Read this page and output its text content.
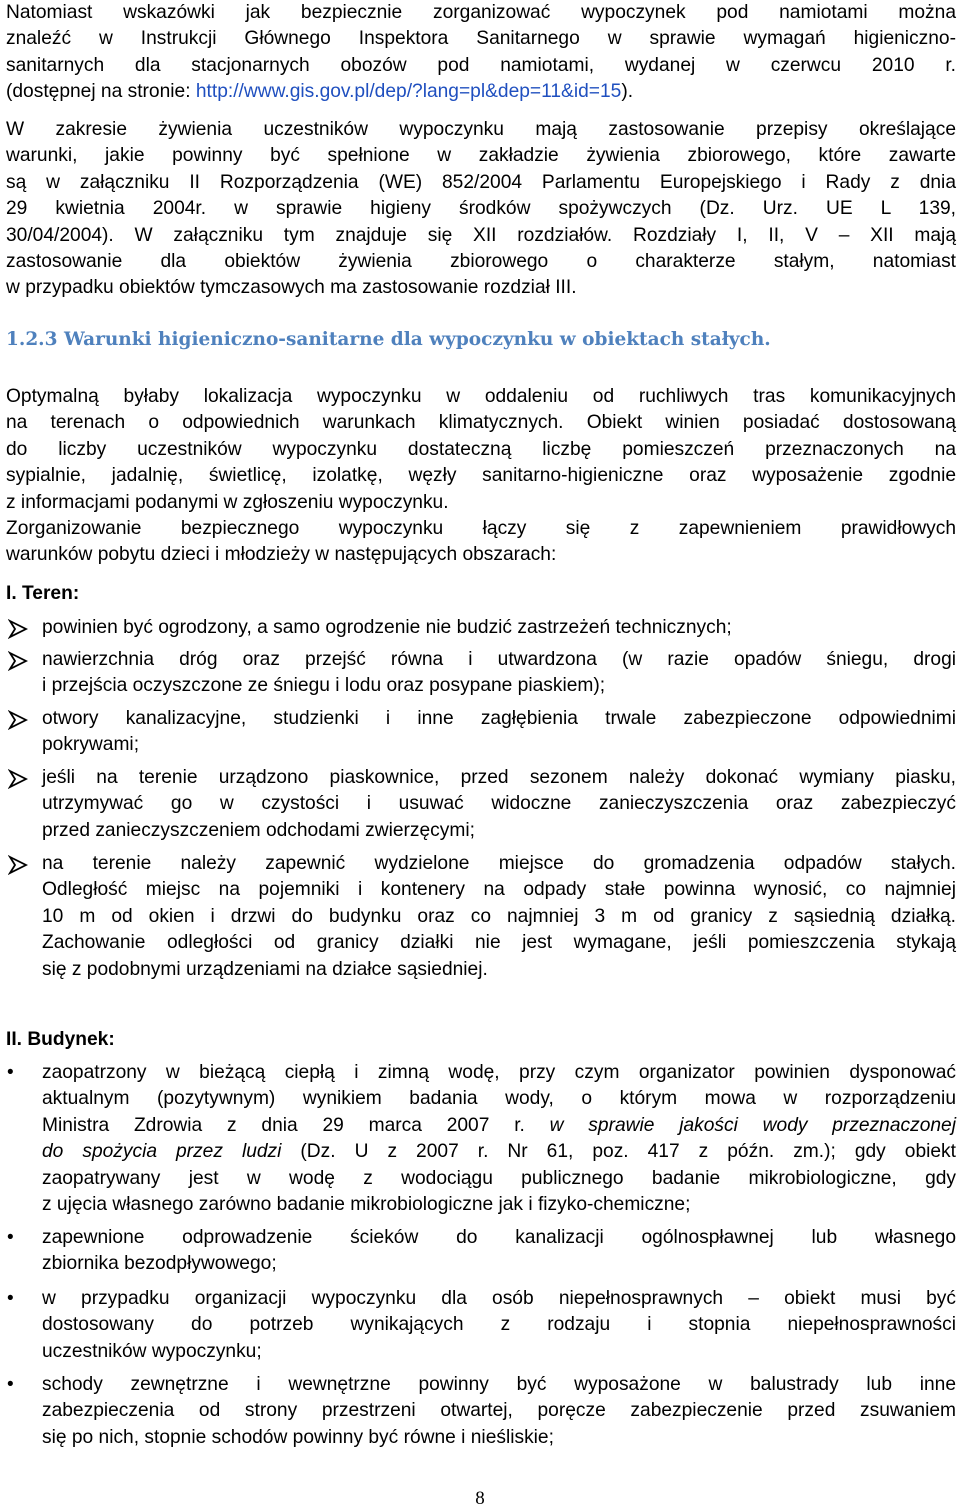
Natomiast wskazówki jak bezpiecznie zorganizować wypoczynek pod namiotami można
znaleźć w Instrukcji Głównego Inspektora Sanitarnego w sprawie wymagań higieniczno-
sanitarnych dla stacjonarnych obozów pod namiotami, wydanej w czerwcu 2010 r.
(dostępnej na stronie: http://www.gis.gov.pl/dep/?lang=pl&dep=11&id=15).
W zakresie żywienia uczestników wypoczynku mają zastosowanie przepisy określające
warunki, jakie powinny być spełnione w zakładzie żywienia zbiorowego, które zawarte
są w załączniku II Rozporządzenia (WE) 852/2004 Parlamentu Europejskiego i Rady z dnia
29 kwietnia 2004r. w sprawie higieny środków spożywczych (Dz. Urz. UE L 139,
30/04/2004). W załączniku tym znajduje się XII rozdziałów. Rozdziały I, II, V – XII mają
zastosowanie dla obiektów żywienia zbiorowego o charakterze stałym, natomiast
w przypadku obiektów tymczasowych ma zastosowanie rozdział III.
1.2.3 Warunki higieniczno-sanitarne dla wypoczynku w obiektach stałych.
Optymalną byłaby lokalizacja wypoczynku w oddaleniu od ruchliwych tras komunikacyjnych
na terenach o odpowiednich warunkach klimatycznych. Obiekt winien posiadać dostosowaną
do liczby uczestników wypoczynku dostateczną liczbę pomieszczeń przeznaczonych na
sypialnie, jadalnię, świetlicę, izolatkę, węzły sanitarno-higieniczne oraz wyposażenie zgodnie
z informacjami podanymi w zgłoszeniu wypoczynku.
Zorganizowanie bezpiecznego wypoczynku łączy się z zapewnieniem prawidłowych
warunków pobytu dzieci i młodzieży w następujących obszarach:
I. Teren:
powinien być ogrodzony, a samo ogrodzenie nie budzić zastrzeżeń technicznych;
nawierzchnia dróg oraz przejść równa i utwardzona (w razie opadów śniegu, drogi
i przejścia oczyszczone ze śniegu i lodu oraz posypane piaskiem);
otwory kanalizacyjne, studzienki i inne zagłębienia trwale zabezpieczone odpowiednimi
pokrywami;
jeśli na terenie urządzono piaskownice, przed sezonem należy dokonać wymiany piasku,
utrzymywać go w czystości i usuwać widoczne zanieczyszczenia oraz zabezpieczyć
przed zanieczyszczeniem odchodami zwierzęcymi;
na terenie należy zapewnić wydzielone miejsce do gromadzenia odpadów stałych.
Odległość miejsc na pojemniki i kontenery na odpady stałe powinna wynosić, co najmniej
10 m od okien i drzwi do budynku oraz co najmniej 3 m od granicy z sąsiednią działką.
Zachowanie odległości od granicy działki nie jest wymagane, jeśli pomieszczenia stykają
się z podobnymi urządzeniami na działce sąsiedniej.
II. Budynek:
• zaopatrzony w bieżącą ciepłą i zimną wodę, przy czym organizator powinien dysponować
aktualnym (pozytywnym) wynikiem badania wody, o którym mowa w rozporządzeniu
Ministra Zdrowia z dnia 29 marca 2007 r. w sprawie jakości wody przeznaczonej
do spożycia przez ludzi (Dz. U z 2007 r. Nr 61, poz. 417 z późn. zm.); gdy obiekt
zaopatrywany jest w wodę z wodociągu publicznego badanie mikrobiologiczne, gdy
z ujęcia własnego zarówno badanie mikrobiologiczne jak i fizyko-chemiczne;
• zapewnione odprowadzenie ścieków do kanalizacji ogólnospławnej lub własnego
zbiornika bezodpływowego;
• w przypadku organizacji wypoczynku dla osób niepełnosprawnych – obiekt musi być
dostosowany do potrzeb wynikających z rodzaju i stopnia niepełnosprawności
uczestników wypoczynku;
• schody zewnętrzne i wewnętrzne powinny być wyposażone w balustrady lub inne
zabezpieczenia od strony przestrzeni otwartej, poręcze zabezpieczenie przed zsuwaniem
się po nich, stopnie schodów powinny być równe i nieśliskie;
8
